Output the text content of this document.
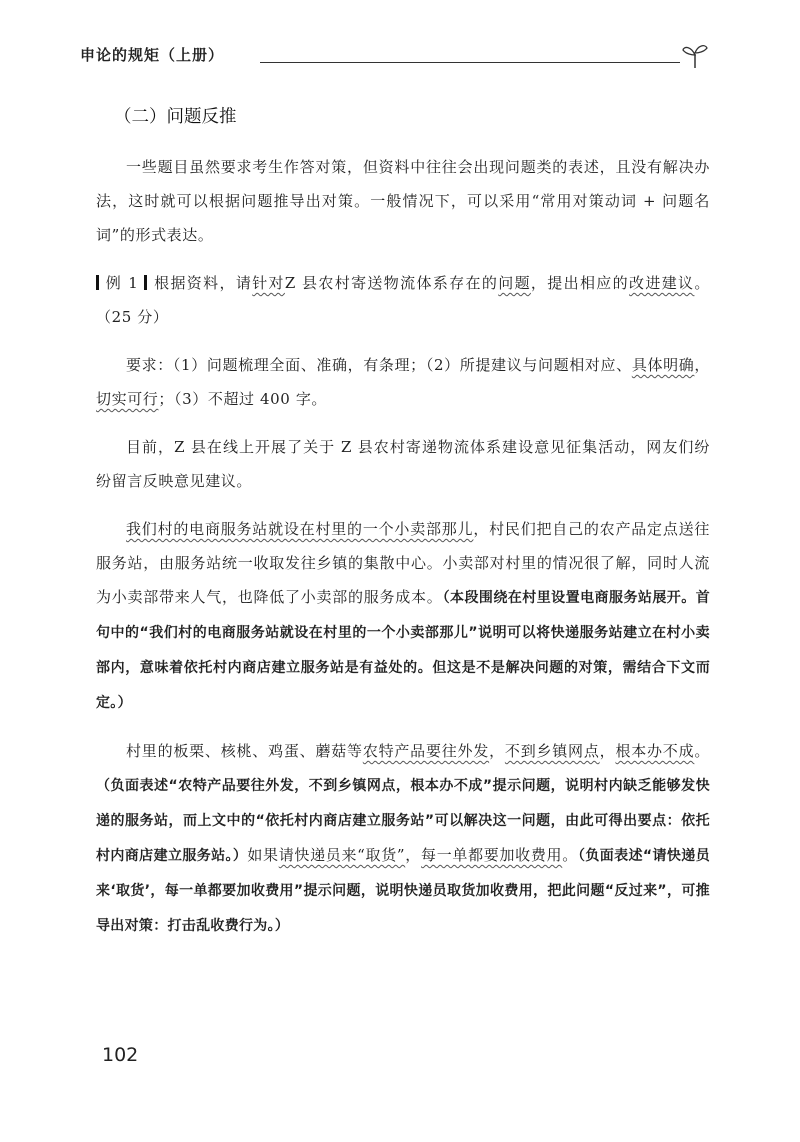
申论的规矩（上册）
（二）问题反推

一些题目虽然要求考生作答对策，但资料中往往会出现问题类的表述，且没有解决办法，这时就可以根据问题推导出对策。一般情况下，可以采用“常用对策动词 + 问题名词”的形式表达。

例 1 根据资料，请针对Z 县农村寄送物流体系存在的问题，提出相应的改进建议。（25 分）

要求：（1）问题梳理全面、准确，有条理；（2）所提建议与问题相对应、具体明确，切实可行；（3）不超过 400 字。

目前，Z 县在线上开展了关于 Z 县农村寄递物流体系建设意见征集活动，网友们纷纷留言反映意见建议。

我们村的电商服务站就设在村里的一个小卖部那儿，村民们把自己的农产品定点送往服务站，由服务站统一收取发往乡镇的集散中心。小卖部对村里的情况很了解，同时人流为小卖部带来人气，也降低了小卖部的服务成本。（本段围绕在村里设置电商服务站展开。首句中的“我们村的电商服务站就设在村里的一个小卖部那儿”说明可以将快递服务站建立在村小卖部内，意味着依托村内商店建立服务站是有益处的。但这是不是解决问题的对策，需结合下文而定。）

村里的板栗、核桃、鸡蛋、蘑菇等农特产品要往外发，不到乡镇网点，根本办不成。（负面表述“农特产品要往外发，不到乡镇网点，根本办不成”提示问题，说明村内缺乏能够发快递的服务站，而上文中的“依托村内商店建立服务站”可以解决这一问题，由此可得出要点：依托村内商店建立服务站。）如果请快递员来“取货”，每一单都要加收费用。（负面表述“请快递员来‘取货’，每一单都要加收费用”提示问题，说明快递员取货加收费用，把此问题“反过来”，可推导出对策：打击乱收费行为。）

102
